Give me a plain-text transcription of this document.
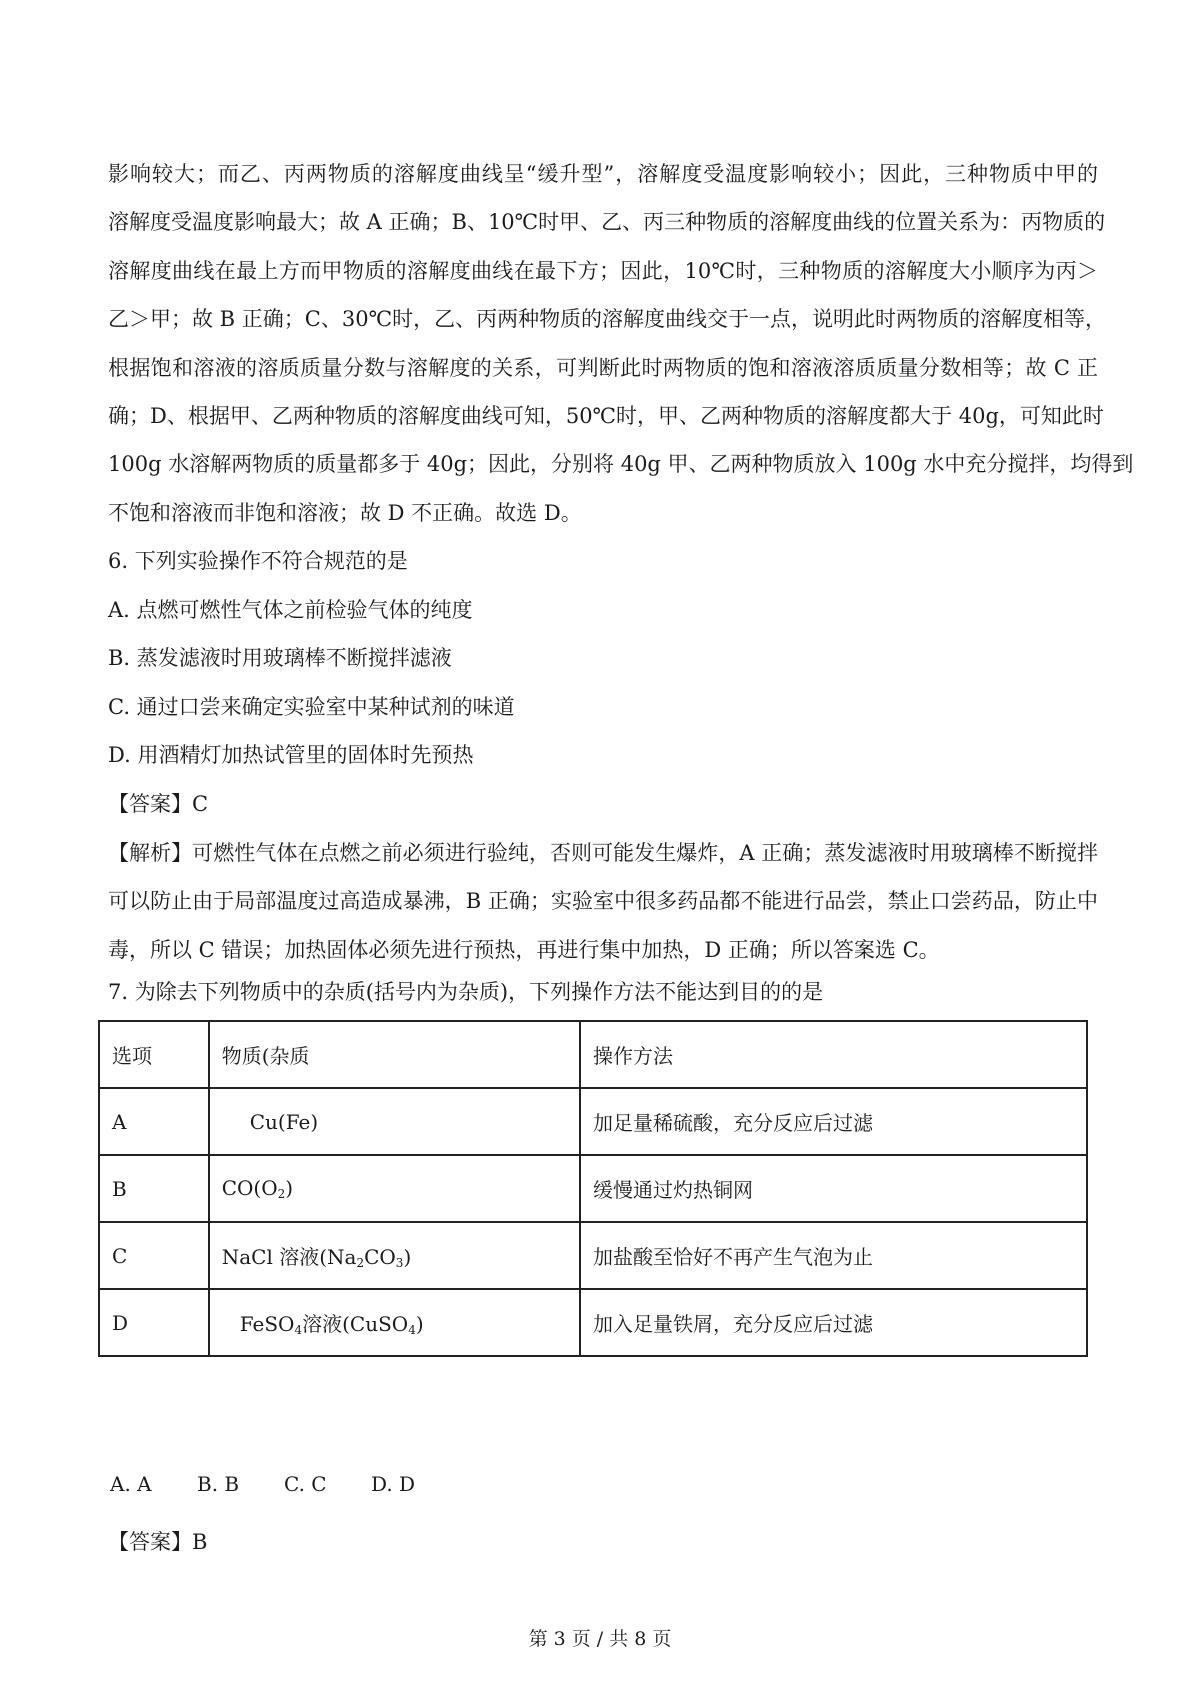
影响较大；而乙、丙两物质的溶解度曲线呈“缓升型”，溶解度受温度影响较小；因此，三种物质中甲的
溶解度受温度影响最大；故 A 正确；B、10℃时甲、乙、丙三种物质的溶解度曲线的位置关系为：丙物质的
溶解度曲线在最上方而甲物质的溶解度曲线在最下方；因此，10℃时，三种物质的溶解度大小顺序为丙＞
乙＞甲；故 B 正确；C、30℃时，乙、丙两种物质的溶解度曲线交于一点，说明此时两物质的溶解度相等，
根据饱和溶液的溶质质量分数与溶解度的关系，可判断此时两物质的饱和溶液溶质质量分数相等；故 C 正
确；D、根据甲、乙两种物质的溶解度曲线可知，50℃时，甲、乙两种物质的溶解度都大于 40g，可知此时
100g 水溶解两物质的质量都多于 40g；因此，分别将 40g 甲、乙两种物质放入 100g 水中充分搅拌，均得到
不饱和溶液而非饱和溶液；故 D 不正确。故选 D。
6. 下列实验操作不符合规范的是
A. 点燃可燃性气体之前检验气体的纯度
B. 蒸发滤液时用玻璃棒不断搅拌滤液
C. 通过口尝来确定实验室中某种试剂的味道
D. 用酒精灯加热试管里的固体时先预热
【答案】C
【解析】可燃性气体在点燃之前必须进行验纯，否则可能发生爆炸，A 正确；蒸发滤液时用玻璃棒不断搅拌
可以防止由于局部温度过高造成暴沸，B 正确；实验室中很多药品都不能进行品尝，禁止口尝药品，防止中
毒，所以 C 错误；加热固体必须先进行预热，再进行集中加热，D 正确；所以答案选 C。
7. 为除去下列物质中的杂质(括号内为杂质)，下列操作方法不能达到目的的是
选项	物质(杂质	操作方法
A	Cu(Fe)	加足量稀硫酸，充分反应后过滤
B	$CO(O_2)$	缓慢通过灼热铜网
C	NaCl 溶液$(Na_2CO_3)$	加盐酸至恰好不再产生气泡为止
D	FeSO$_4$溶液(CuSO$_4$)	加入足量铁屑，充分反应后过滤
A. A B. B C. C D. D
【答案】B
第 3 页 / 共 8 页
